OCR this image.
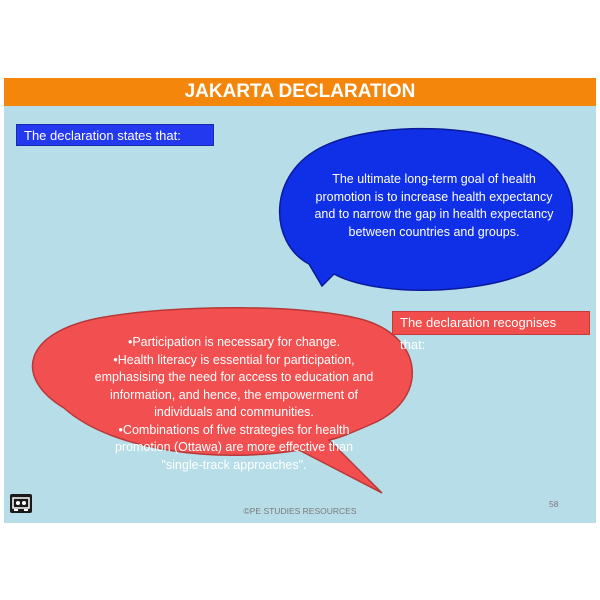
JAKARTA DECLARATION
The declaration states that:
The declaration recognises that:
The ultimate long-term goal of health promotion is to increase health expectancy and to narrow the gap in health expectancy between countries and groups.
•Participation is necessary for change.
•Health literacy is essential for participation,
emphasising the need for access to education and
information, and hence, the empowerment of
individuals and communities.
•Combinations of five strategies for health
promotion (Ottawa) are more effective than
"single-track approaches".
©PE STUDIES RESOURCES
58
